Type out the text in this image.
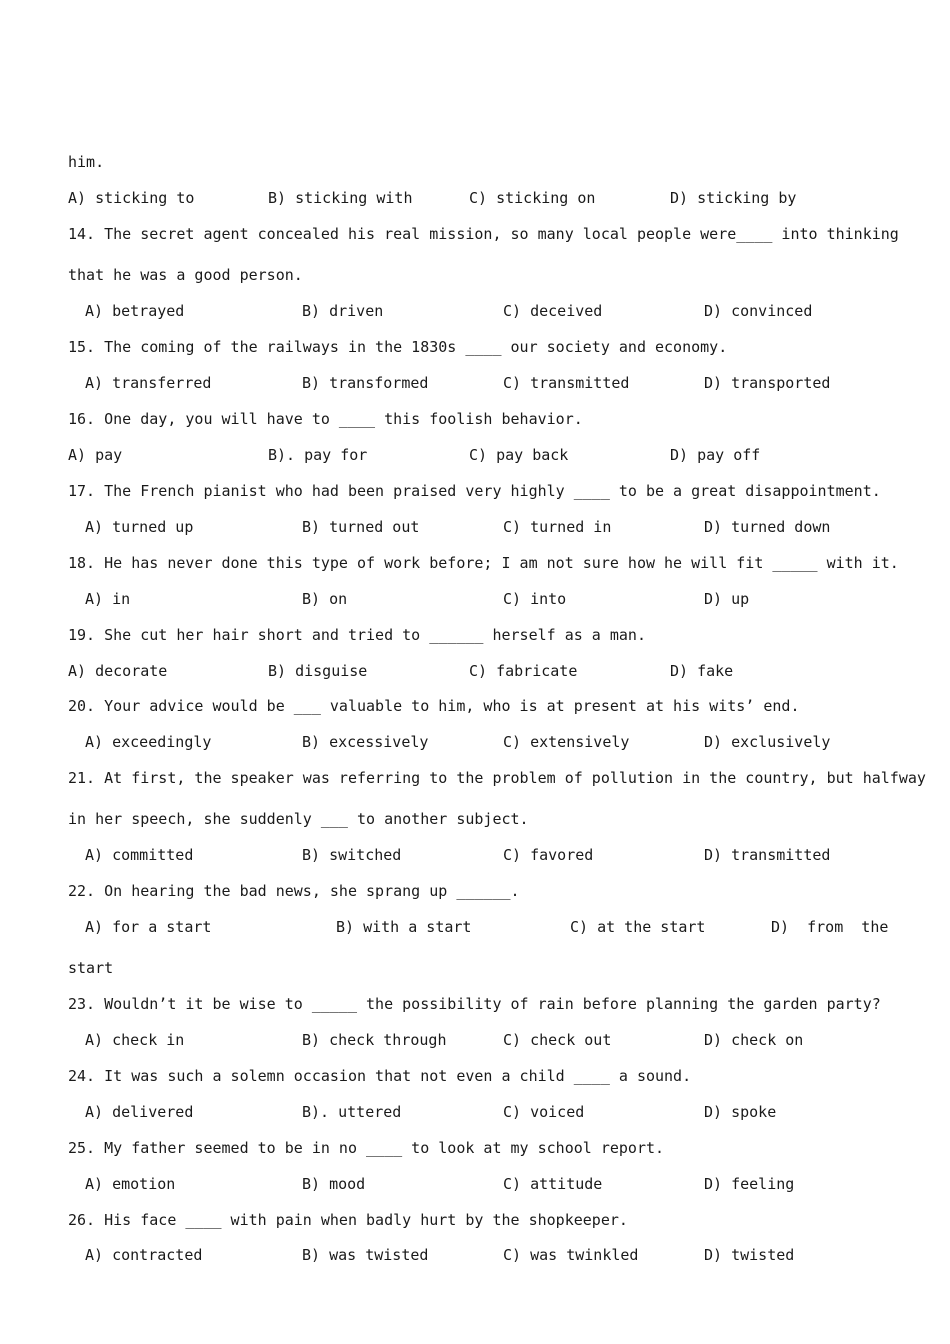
him.
A) sticking to	B) sticking with	C) sticking on	D) sticking by
14. The secret agent concealed his real mission, so many local people were____ into thinking
that he was a good person.
A) betrayed	B) driven	C) deceived	D) convinced
15. The coming of the railways in the 1830s ____ our society and economy.
A) transferred	B) transformed	C) transmitted	D) transported
16. One day, you will have to ____ this foolish behavior.
A) pay	B). pay for	C) pay back	D) pay off
17. The French pianist who had been praised very highly ____ to be a great disappointment.
A) turned up	B) turned out	C) turned in	D) turned down
18. He has never done this type of work before; I am not sure how he will fit _____ with it.
A) in	B) on	C) into	D) up
19. She cut her hair short and tried to ______ herself as a man.
A) decorate	B) disguise	C) fabricate	D) fake
20. Your advice would be ___ valuable to him, who is at present at his wits’ end.
A) exceedingly	B) excessively	C) extensively	D) exclusively
21. At first, the speaker was referring to the problem of pollution in the country, but halfway
in her speech, she suddenly ___ to another subject.
A) committed	B) switched	C) favored	D) transmitted
22. On hearing the bad news, she sprang up ______.
A) for a start	B) with a start	C) at the start	D)  from  the
start
23. Wouldn’t it be wise to _____ the possibility of rain before planning the garden party?
A) check in	B) check through	C) check out	D) check on
24. It was such a solemn occasion that not even a child ____ a sound.
A) delivered	B). uttered	C) voiced	D) spoke
25. My father seemed to be in no ____ to look at my school report.
A) emotion	B) mood	C) attitude	D) feeling
26. His face ____ with pain when badly hurt by the shopkeeper.
A) contracted	B) was twisted	C) was twinkled	D) twisted
